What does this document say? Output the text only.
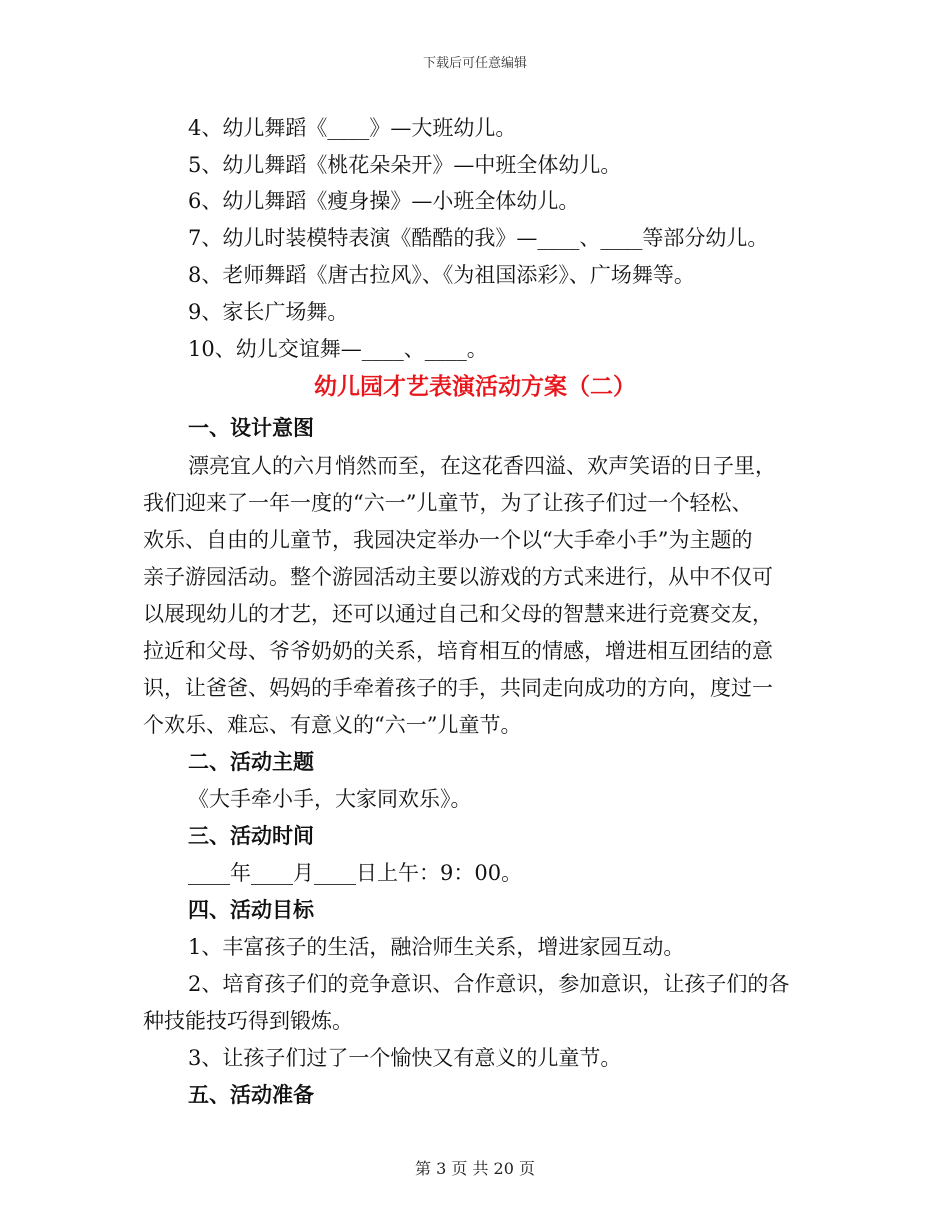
下载后可任意编辑
4、幼儿舞蹈《____》—大班幼儿。
5、幼儿舞蹈《桃花朵朵开》—中班全体幼儿。
6、幼儿舞蹈《瘦身操》—小班全体幼儿。
7、幼儿时装模特表演《酷酷的我》—____、____等部分幼儿。
8、老师舞蹈《唐古拉风》、《为祖国添彩》、广场舞等。
9、家长广场舞。
10、幼儿交谊舞—____、____。
幼儿园才艺表演活动方案（二）
一、设计意图
漂亮宜人的六月悄然而至，在这花香四溢、欢声笑语的日子里，
我们迎来了一年一度的“六一”儿童节，为了让孩子们过一个轻松、
欢乐、自由的儿童节，我园决定举办一个以“大手牵小手”为主题的
亲子游园活动。整个游园活动主要以游戏的方式来进行，从中不仅可
以展现幼儿的才艺，还可以通过自己和父母的智慧来进行竞赛交友，
拉近和父母、爷爷奶奶的关系，培育相互的情感，增进相互团结的意
识，让爸爸、妈妈的手牵着孩子的手，共同走向成功的方向，度过一
个欢乐、难忘、有意义的“六一”儿童节。
二、活动主题
《大手牵小手，大家同欢乐》。
三、活动时间
____年____月____日上午：9：00。
四、活动目标
1、丰富孩子的生活，融洽师生关系，增进家园互动。
2、培育孩子们的竞争意识、合作意识，参加意识，让孩子们的各
种技能技巧得到锻炼。
3、让孩子们过了一个愉快又有意义的儿童节。
五、活动准备
第 3 页 共 20 页
